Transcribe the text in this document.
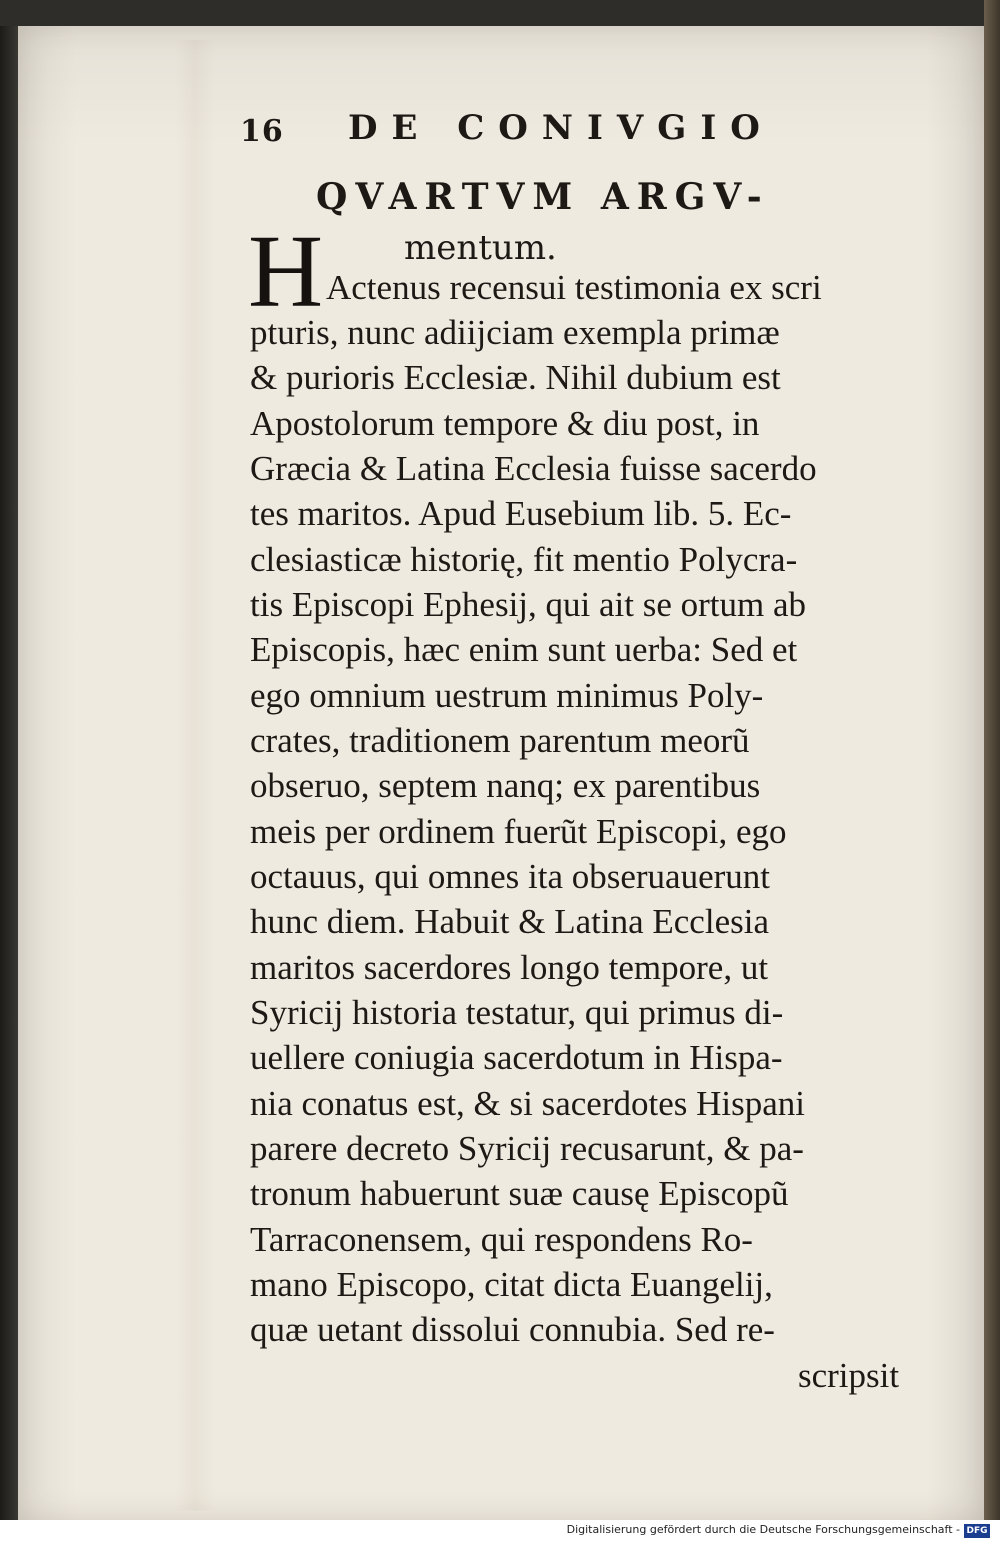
16 DE CONIVGIO
QVARTVM ARGV-
H mentum.
Actenus recensui testimonia ex scri
pturis, nunc adiijciam exempla primæ
& purioris Ecclesiæ. Nihil dubium est
Apostolorum tempore & diu post, in
Græcia & Latina Ecclesia fuisse sacerdo
tes maritos. Apud Eusebium lib. 5. Ec-
clesiasticæ historię, fit mentio Polycra-
tis Episcopi Ephesij, qui ait se ortum ab
Episcopis, hæc enim sunt uerba: Sed et
ego omnium uestrum minimus Poly-
crates, traditionem parentum meorũ
obseruo, septem nanq; ex parentibus
meis per ordinem fuerũt Episcopi, ego
octauus, qui omnes ita obseruauerunt
hunc diem. Habuit & Latina Ecclesia
maritos sacerdores longo tempore, ut
Syricij historia testatur, qui primus di-
uellere coniugia sacerdotum in Hispa-
nia conatus est, & si sacerdotes Hispani
parere decreto Syricij recusarunt, & pa-
tronum habuerunt suæ causę Episcopũ
Tarraconensem, qui respondens Ro-
mano Episcopo, citat dicta Euangelij,
quæ uetant dissolui connubia. Sed re-
scripsit
Digitalisierung gefördert durch die Deutsche Forschungsgemeinschaft - DFG
